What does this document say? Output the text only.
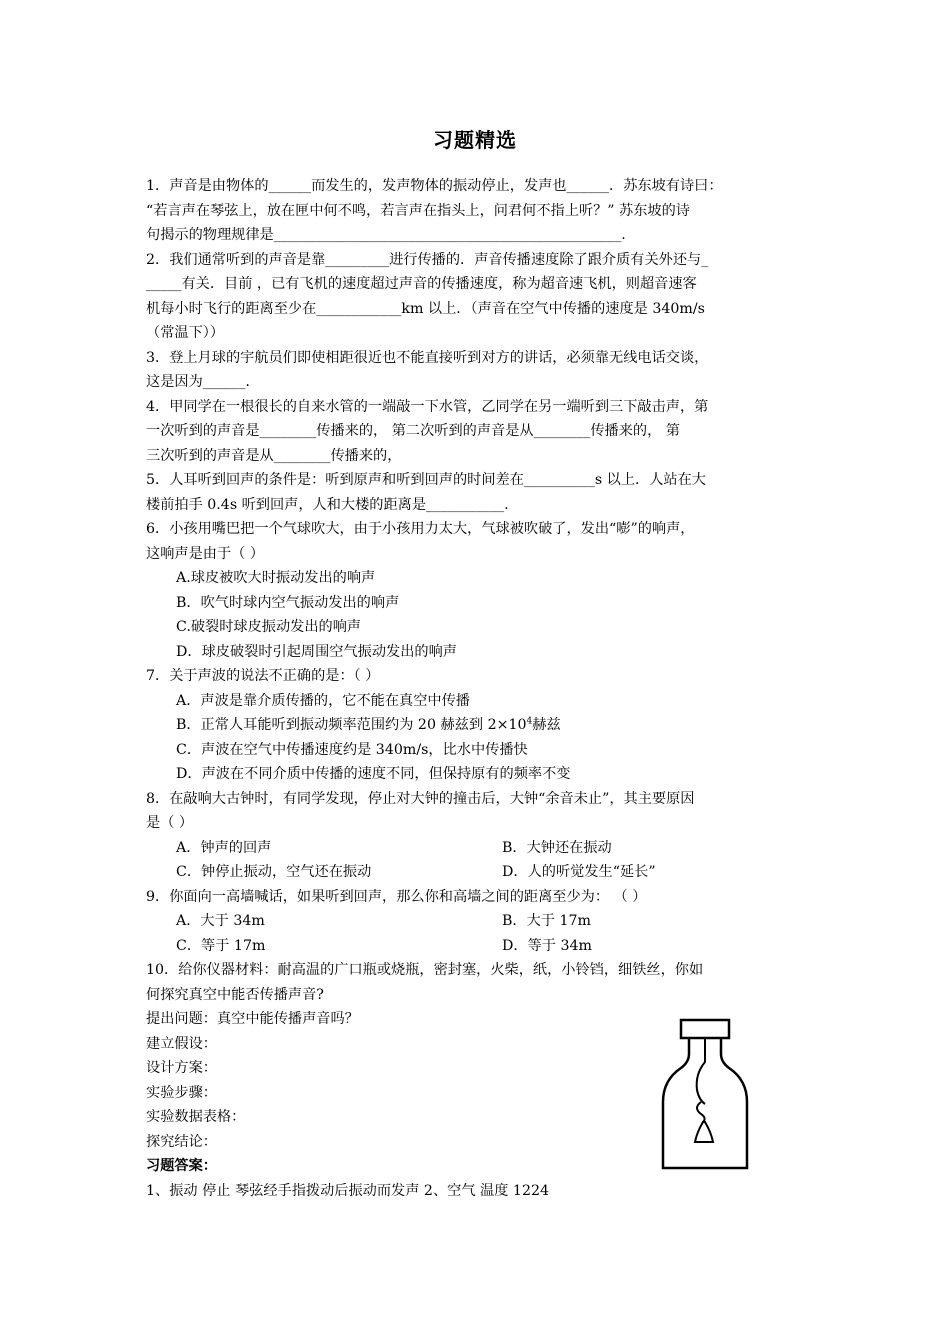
习题精选

1．声音是由物体的______而发生的，发声物体的振动停止，发声也______．苏东坡有诗曰：

“若言声在琴弦上，放在匣中何不鸣，若言声在指头上，问君何不指上听？” 苏东坡的诗

句揭示的物理规律是_________________________________________________.

2．我们通常听到的声音是靠_________进行传播的．声音传播速度除了跟介质有关外还与_

_____有关．目前 ，已有飞机的速度超过声音的传播速度，称为超音速飞机，则超音速客

机每小时飞行的距离至少在____________km 以上．（声音在空气中传播的速度是 340m/s

（常温下））

3．登上月球的宇航员们即使相距很近也不能直接听到对方的讲话，必须靠无线电话交谈，

这是因为______.

4．甲同学在一根很长的自来水管的一端敲一下水管，乙同学在另一端听到三下敲击声，第

一次听到的声音是________传播来的， 第二次听到的声音是从________传播来的， 第

三次听到的声音是从________传播来的，

5．人耳听到回声的条件是：听到原声和听到回声的时间差在__________s 以上．人站在大

楼前拍手 0.4s 听到回声，人和大楼的距离是___________.

6．小孩用嘴巴把一个气球吹大，由于小孩用力太大，气球被吹破了，发出“嘭”的响声，

这响声是由于（ ）

A.球皮被吹大时振动发出的响声

B．吹气时球内空气振动发出的响声

C.破裂时球皮振动发出的响声

D．球皮破裂时引起周围空气振动发出的响声

7．关于声波的说法不正确的是：（ ）

A．声波是靠介质传播的，它不能在真空中传播

B．正常人耳能听到振动频率范围约为 20 赫兹到 $2\times 10^4$赫兹

C．声波在空气中传播速度约是 340m/s，比水中传播快

D．声波在不同介质中传播的速度不同，但保持原有的频率不变

8．在敲响大古钟时，有同学发现，停止对大钟的撞击后，大钟“余音未止”，其主要原因

是（ ）

A．钟声的回声	B．大钟还在振动
C．钟停止振动，空气还在振动	D．人的听觉发生“延长”

9．你面向一高墙喊话，如果听到回声，那么你和高墙之间的距离至少为： （ ）

A．大于 34m	B．大于 17m
C．等于 17m	D．等于 34m

10．给你仪器材料：耐高温的广口瓶或烧瓶，密封塞，火柴，纸，小铃铛，细铁丝，你如

何探究真空中能否传播声音?

提出问题：真空中能传播声音吗？

建立假设：

设计方案：

实验步骤：

实验数据表格：

探究结论：

习题答案：

1、振动 停止 琴弦经手指拨动后振动而发声 2、空气 温度 1224
